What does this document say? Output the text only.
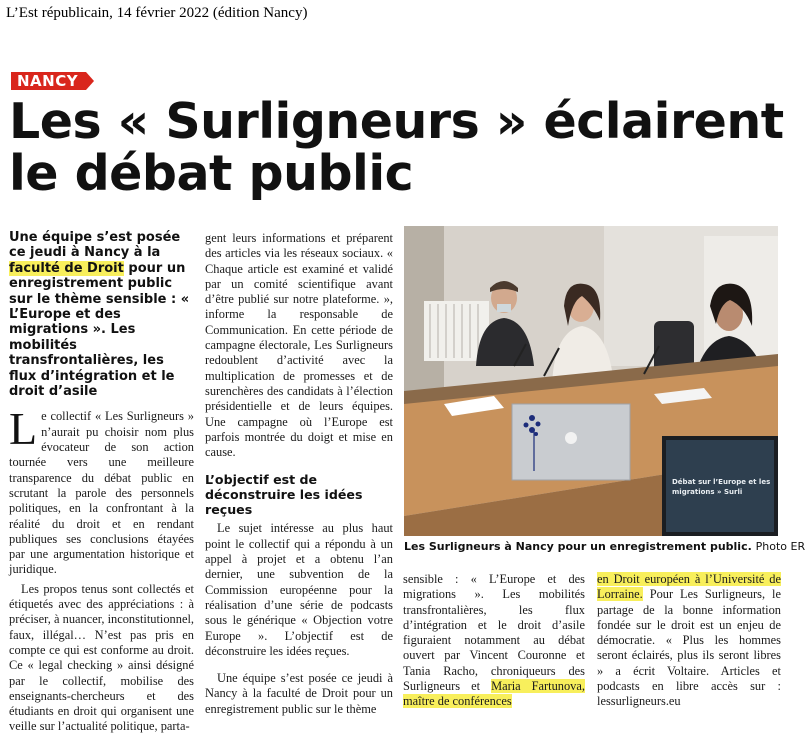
L’Est républicain, 14 février 2022 (édition Nancy)
NANCY
Les « Surligneurs » éclairent le débat public
Une équipe s’est posée ce jeudi à Nancy à la faculté de Droit pour un enregistrement public sur le thème sensible : « L’Europe et des migrations ». Les mobilités transfrontalières, les flux d’intégration et le droit d’asile

Le collectif « Les Surligneurs » n’aurait pu choisir nom plus évocateur de son action tournée vers une meilleure transparence du débat public en scrutant la parole des personnels politiques, en la confrontant à la réalité du droit et en rendant publiques ses conclusions étayées par une argumentation historique et juridique.

Les propos tenus sont collectés et étiquetés avec des appréciations : à préciser, à nuancer, inconstitutionnel, faux, illégal… N’est pas pris en compte ce qui est conforme au droit. Ce « legal checking » ainsi désigné par le collectif, mobilise des enseignants-chercheurs et des étudiants en droit qui organisent une veille sur l’actualité politique, parta-

gent leurs informations et préparent des articles via les réseaux sociaux. « Chaque article est examiné et validé par un comité scientifique avant d’être publié sur notre plateforme. », informe la responsable de Communication. En cette période de campagne électorale, Les Surligneurs redoublent d’activité avec la multiplication de promesses et de surenchères des candidats à l’élection présidentielle et de leurs équipes. Une campagne où l’Europe est parfois montrée du doigt et mise en cause.

L’objectif est de déconstruire les idées reçues

Le sujet intéresse au plus haut point le collectif qui a répondu à un appel à projet et a obtenu l’an dernier, une subvention de la Commission européenne pour la réalisation d’une série de podcasts sous le générique « Objection votre Europe ». L’objectif est de déconstruire les idées reçues.

Une équipe s’est posée ce jeudi à Nancy à la faculté de Droit pour un enregistrement public sur le thème

Débat sur l’Europe et les
migrations » Surli
Les Surligneurs à Nancy pour un enregistrement public. Photo ER

sensible : « L’Europe et des migrations ». Les mobilités transfrontalières, les flux d’intégration et le droit d’asile figuraient notamment au débat ouvert par Vincent Couronne et Tania Racho, chroniqueurs des Surligneurs et Maria Fartunova, maître de conférences

en Droit européen à l’Université de Lorraine. Pour Les Surligneurs, le partage de la bonne information fondée sur le droit est un enjeu de démocratie. « Plus les hommes seront éclairés, plus ils seront libres » a écrit Voltaire. Articles et podcasts en libre accès sur : lessurligneurs.eu
